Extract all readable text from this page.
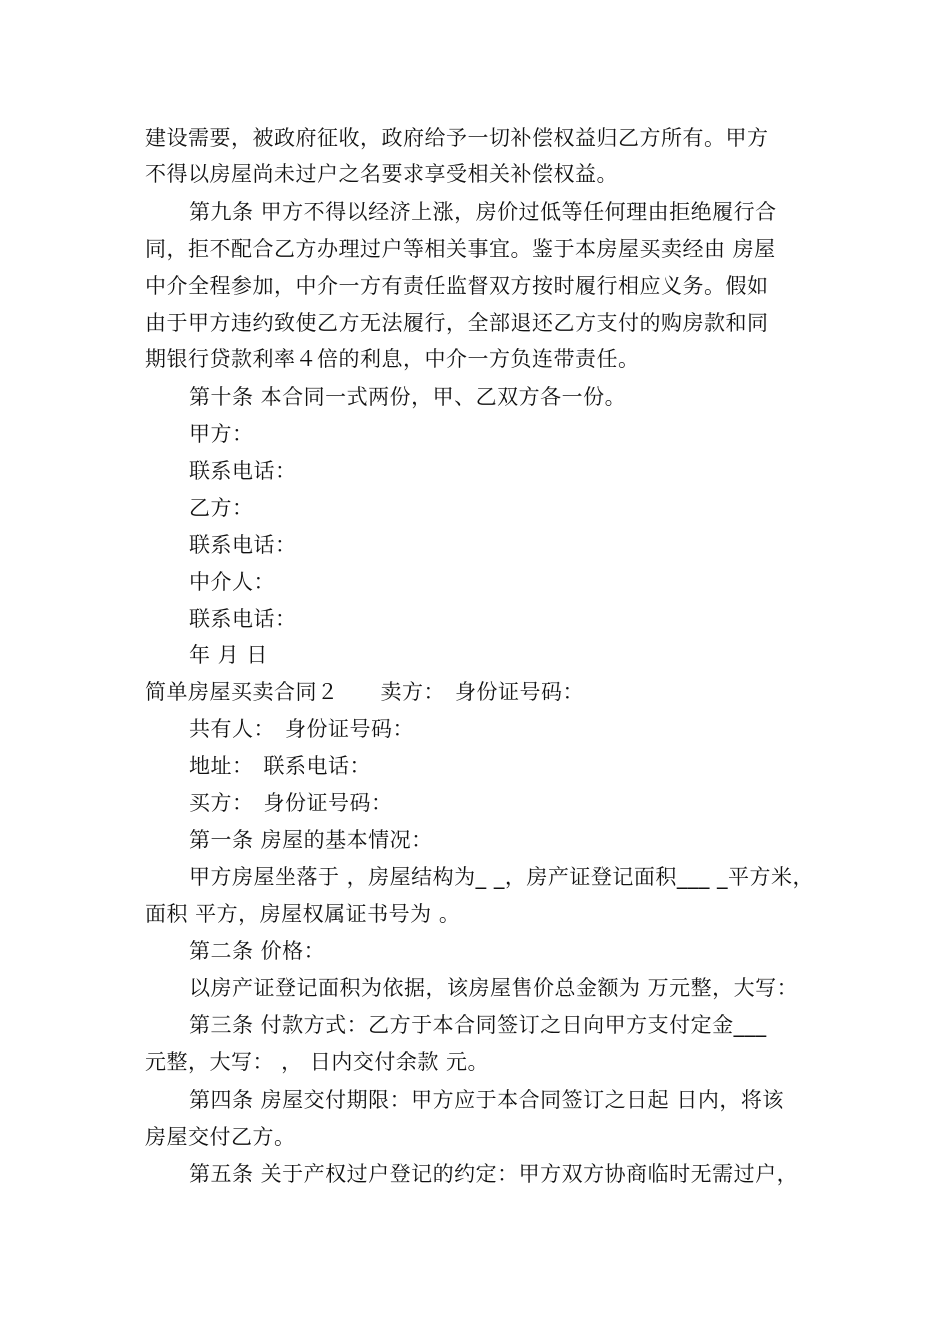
建设需要，被政府征收，政府给予一切补偿权益归乙方所有。甲方
不得以房屋尚未过户之名要求享受相关补偿权益。
第九条 甲方不得以经济上涨，房价过低等任何理由拒绝履行合
同，拒不配合乙方办理过户等相关事宜。鉴于本房屋买卖经由 房屋
中介全程参加，中介一方有责任监督双方按时履行相应义务。假如
由于甲方违约致使乙方无法履行，全部退还乙方支付的购房款和同
期银行贷款利率４倍的利息，中介一方负连带责任。
第十条 本合同一式两份，甲、乙双方各一份。
甲方：
联系电话：
乙方：
联系电话：
中介人：
联系电话：
年 月 日
简单房屋买卖合同２ 卖方： 身份证号码：
共有人： 身份证号码：
地址： 联系电话：
买方： 身份证号码：
第一条 房屋的基本情况：
甲方房屋坐落于 ，房屋结构为_ _，房产证登记面积___ _平方米，
面积 平方，房屋权属证书号为 。
第二条 价格：
以房产证登记面积为依据，该房屋售价总金额为 万元整，大写：
第三条 付款方式：乙方于本合同签订之日向甲方支付定金___
元整，大写： ， 日内交付余款 元。
第四条 房屋交付期限：甲方应于本合同签订之日起 日内，将该
房屋交付乙方。
第五条 关于产权过户登记的约定：甲方双方协商临时无需过户，
